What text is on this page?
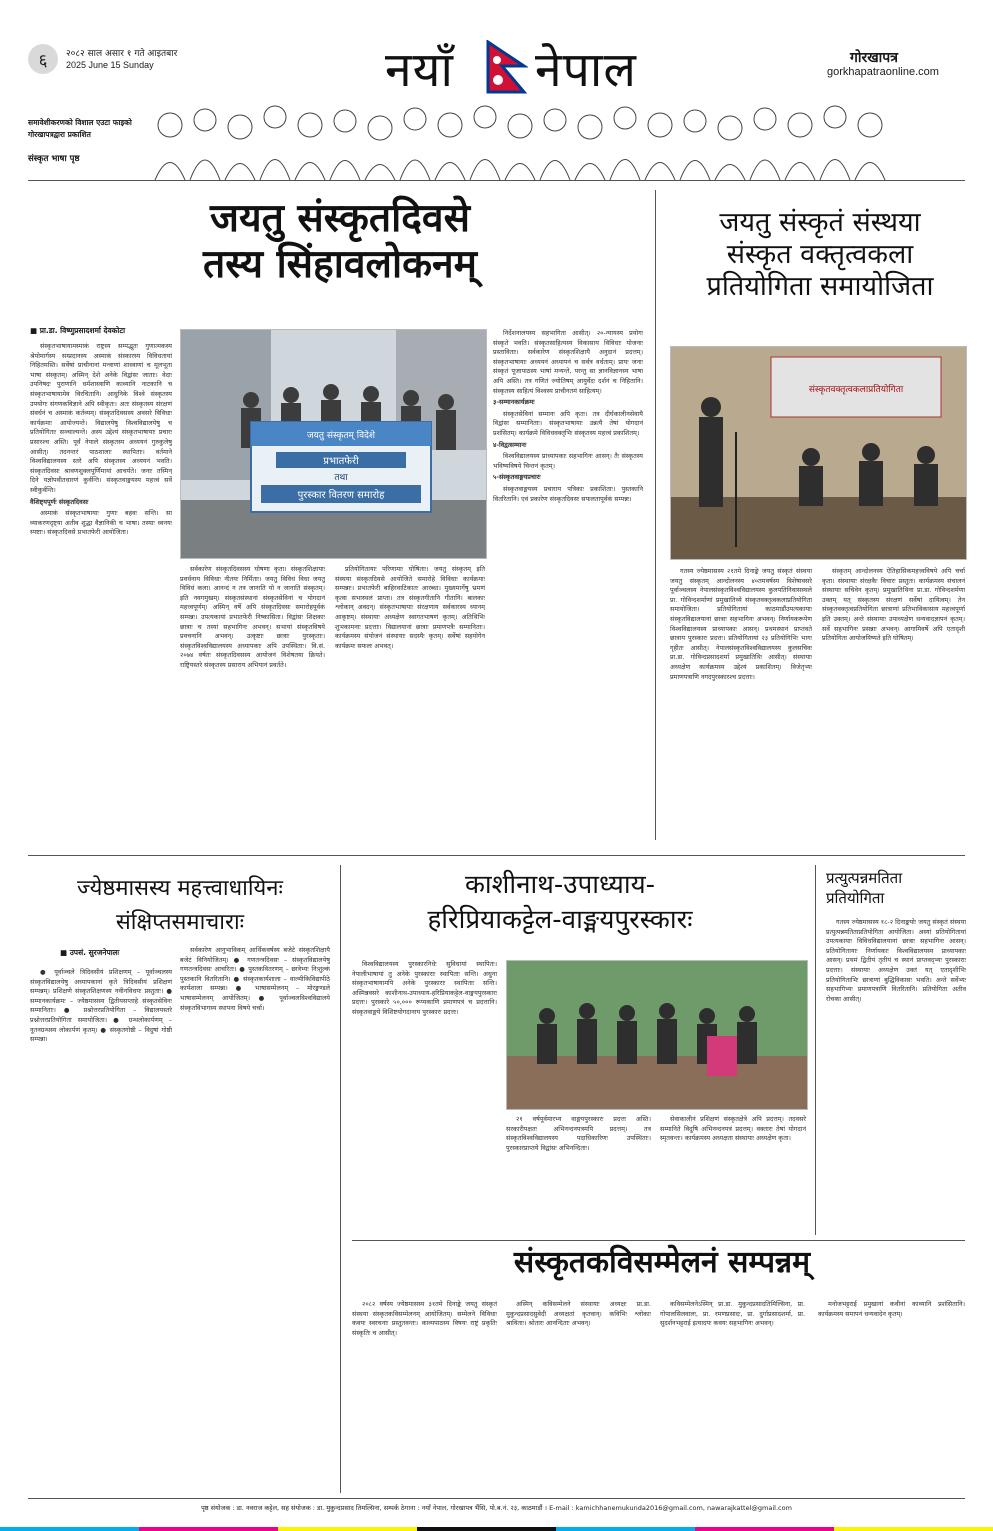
६	२०८२ साल असार १ गते आइतबार
2025 June 15 Sunday	नयाँ नेपाल	गोरखापत्र
gorkhapatraonline.com
समावेशीकरणको विशाल एउटा फाइको
गोरखापत्रद्वारा प्रकाशित
संस्कृत भाषा पृष्ठ
जयतु संस्कृतदिवसे
तस्य सिंहावलोकनम्
जयतु संस्कृतं संस्थया
संस्कृत वक्तृत्वकला
प्रतियोगिता समायोजिता
■ प्रा.डा. विष्णुप्रसादशर्मा देवकोटा

संस्कृतभाषायामस्माकं राष्ट्रस्य सम्पद्भूतः गुणात्मकस्य श्रेयोमार्गस्य सम्प्रदानस्य अस्माकं संस्कारस्य विविधतायां निहितमस्ति। सर्वेषां प्राचीनानां मन्त्राणां शास्त्राणां च मूलभूता भाषा संस्कृतम्। अस्मिन् देशे अनेके विद्वांसः जाताः। वेदाः उपनिषदः पुराणानि धर्मशास्त्राणि काव्यानि नाटकानि च संस्कृतभाषायामेव विरचितानि। आधुनिके विश्वे संस्कृतस्य उपयोगः संगणकविज्ञाने अपि स्वीकृतः। अतः संस्कृतस्य संरक्षणं संवर्धनं च अस्माकं कर्तव्यम्। संस्कृतदिवसस्य अवसरे विविधाः कार्यक्रमाः आयोज्यन्ते। विद्यालयेषु विश्वविद्यालयेषु च प्रतियोगिताः सञ्चाल्यन्ते। अस्य उद्देश्यं संस्कृतभाषायाः प्रचारः प्रसारश्च अस्ति। पूर्वं नेपाले संस्कृतस्य अध्ययनं गुरुकुलेषु आसीत्। तदनन्तरं पाठशालाः स्थापिताः। वर्तमाने विश्वविद्यालयस्य स्तरे अपि संस्कृतस्य अध्ययनं भवति। संस्कृतदिवसः श्रावणशुक्लपूर्णिमायां आचर्यते। जनाः तस्मिन् दिने यज्ञोपवीतधारणं कुर्वन्ति। संस्कृतवाङ्मयस्य महत्त्वं सर्वे स्वीकुर्वन्ति।

वैशिष्ट्यपूर्णः संस्कृतदिवसः

अस्माकं संस्कृतभाषायाः गुणाः बहवः सन्ति। सा व्याकरणदृष्ट्या अतीव शुद्धा वैज्ञानिकी च भाषा। तस्याः ध्वनयः स्पष्टाः। संस्कृतदिवसे प्रभातफेरी आयोजिता।

जयतु संस्कृतम् विदेशे
प्रभातफेरी
तथा
पुरस्कार वितरण समारोह

सर्वकारेण संस्कृतदिवसस्य घोषणा कृता। संस्कृतशिक्षायाः प्रवर्धनाय विविधाः नीतयः निर्मिताः। जयतु विविधं विधा जयतु विविधं कला। आनन्दं न तत्र जानाति यो न जानाति संस्कृतम्। इति नवगमुखम्। संस्कृतसंस्थानां संस्कृतसेविनां च योगदानं महत्त्वपूर्णम्। अस्मिन् वर्षे अपि संस्कृतदिवसः समारोहपूर्वकं सम्पन्नः। उपत्यकायां प्रभातफेरी निष्कासिता। विद्वांसः शिक्षकाः छात्राः च तस्यां सहभागिनः अभवन्। सभायां संस्कृतविषये प्रवचनानि अभवन्। उत्कृष्टाः छात्राः पुरस्कृताः। संस्कृतविश्वविद्यालयस्य अध्यापकाः अपि उपस्थिताः। वि.सं. २०७४ वर्षतः संस्कृतदिवसस्य आयोजनं विशेषतया क्रियते। राष्ट्रियस्तरे संस्कृतस्य प्रसाराय अभियानं प्रवर्तते।

प्रतियोगितायाः परिणामाः घोषिताः। जयतु संस्कृतम् इति संस्थया संस्कृतदिवसे आयोजिते समारोहे विविधाः कार्यक्रमाः सम्पन्नाः। प्रभातफेरी बाहिरवाटिकातः आरब्धा। मुख्यमार्गेषु भ्रमणं कृत्वा सभास्थलं प्राप्ता। तत्र संस्कृतगीतानि गीतानि। बालकाः श्लोकान् अवदन्। संस्कृतभाषायाः संरक्षणाय सर्वकारस्य ध्यानम् आकृष्टम्। संस्थायाः अध्यक्षेण स्वागतभाषणं कृतम्। अतिथिभिः शुभकामनाः प्रदत्ताः। विद्यालयानां छात्राः प्रमाणपत्रैः सम्मानिताः। कार्यक्रमस्य संयोजनं संस्थायाः सदस्यैः कृतम्। सर्वेषां सहयोगेन कार्यक्रमः सफलः अभवत्।

निर्देशनालयस्य सहभागिता आसीत्। २०-न्यायस्य प्रयोगः संस्कृते भवति। संस्कृतसाहित्यस्य विकासाय विविधाः योजनाः प्रस्ताविताः। सर्वकारेण संस्कृतशिक्षायै अनुदानं प्रदत्तम्। संस्कृतभाषायाः अध्ययनं अध्यापनं च सर्वत्र वर्धताम्। प्रायः जनाः संस्कृतं पूजापाठस्य भाषां मन्यन्ते, परन्तु सा ज्ञानविज्ञानस्य भाषा अपि अस्ति। तत्र गणितं ज्योतिषम् आयुर्वेदः दर्शनं च निहितानि। संस्कृतस्य साहित्यं विश्वस्य प्राचीनतमं साहित्यम्।

३-सम्मानकार्यक्रमः

संस्कृतसेविनां सम्मानः अपि कृतः। तत्र दीर्घकालीनसेवायै विद्वांसः सम्मानिताः। संस्कृतभाषायाः उन्नत्यै तेषां योगदानं प्रशंसितम्। कार्यक्रमे विविधवक्तृभिः संस्कृतस्य महत्त्वं प्रकाशितम्।

४-विद्वत्सम्मानः

विश्वविद्यालयस्य प्राध्यापकाः सहभागिनः आसन्। तैः संस्कृतस्य भविष्यविषये चिन्तनं कृतम्।

५-संस्कृतवाङ्मयप्रचारः

संस्कृतवाङ्मयस्य प्रचाराय पत्रिकाः प्रकाशिताः। पुस्तकानि वितरितानि। एवं प्रकारेण संस्कृतदिवसः सफलतापूर्वकं सम्पन्नः।

संस्कृतवक्तृत्वकलाप्रतियोगिता

गतस्य ज्येष्ठमासस्य २१तमे दिनाङ्के जयतु संस्कृतं संस्थया जयतु संस्कृतम् आन्दोलनस्य ४०तमवर्षस्य विशेषावसरे पूर्वाञ्चलस्य नेपालसंस्कृतविश्वविद्यालयस्य कुलपतिनिवासस्थले प्रा. गोविन्दशर्माणां प्रमुखातिथ्ये संस्कृतवक्तृत्वकलाप्रतियोगिता समायोजिता। प्रतियोगितायां काठमाडौंउपत्यकायाः संस्कृतविद्यालयानां छात्राः सहभागिनः अभवन्। निर्णायकरूपेण विश्वविद्यालयस्य प्राध्यापकाः आसन्। प्रथमस्थानं प्राप्तवते छात्राय पुरस्कारः प्रदत्तः। प्रतियोगितायां २३ प्रतियोगिभिः भागः गृहीतः आसीत्। नेपालसंस्कृतविश्वविद्यालयस्य कुलसचिवः प्रा.डा. गोविन्दप्रसादशर्मा प्रमुखातिथिः आसीत्। संस्थायाः अध्यक्षेण कार्यक्रमस्य उद्देश्यं प्रकाशितम्। विजेतृभ्यः प्रमाणपत्राणि नगदपुरस्कारश्च प्रदत्ताः।

संस्कृतम् आन्दोलनस्य ऐतिहासिकमहत्त्वविषये अपि चर्चा कृता। संस्थायाः संरक्षकैः विचारः प्रस्तुतः। कार्यक्रमस्य संचालनं संस्थायाः सचिवेन कृतम्। प्रमुखातिथिना प्रा.डा. गोविन्दशर्मणा उक्तम् यत् संस्कृतस्य संरक्षणं सर्वेषां दायित्वम्। तेन संस्कृतवक्तृत्वप्रतियोगिता छात्राणां प्रतिभाविकासाय महत्त्वपूर्णा इति उक्तम्। अन्ते संस्थायाः उपाध्यक्षेण धन्यवादज्ञापनं कृतम्। सर्वे सहभागिनः प्रसन्नाः अभवन्। आगामिवर्षे अपि एतादृशी प्रतियोगिता आयोजयिष्यते इति घोषितम्।

ज्येष्ठमासस्य महत्त्वाधायिनः
संक्षिप्तसमाचाराः
■ उपसं. सुरजनेपालः

● पूर्वाञ्चले त्रिदिवसीयं प्रशिक्षणम् – पूर्वाञ्चलस्य संस्कृतविद्यालयेषु अध्यापकानां कृते त्रिदिवसीयं प्रशिक्षणं सम्पन्नम्। प्रशिक्षणे संस्कृतशिक्षणस्य नवीनविधयः प्रस्तुताः। ● सम्मानकार्यक्रमः – ज्येष्ठमासस्य द्वितीयसप्ताहे संस्कृतसेविनः सम्मानिताः। ● प्रश्नोत्तरप्रतियोगिता – विद्यालयस्तरे प्रश्नोत्तरप्रतियोगिता समायोजिता। ● ग्रन्थलोकार्पणम् – नूतनग्रन्थस्य लोकार्पणं कृतम्। ● संस्कृतगोष्ठी – विदुषां गोष्ठी सम्पन्ना।

सर्वकारेण आनुभाविकम् आर्थिकवर्षस्य बजेटे संस्कृतशिक्षायै बजेटं विनियोजितम्। ● गणतन्त्रदिवसः – संस्कृतविद्यालयेषु गणतन्त्रदिवसः आचरितः। ● पुस्तकवितरणम् – छात्रेभ्यः निःशुल्कं पुस्तकानि वितरितानि। ● संस्कृतकार्यशाला – वाल्मीकिविद्यापीठे कार्यशाला सम्पन्ना। ● भाषासम्मेलनम् – मोरङ्मण्डले भाषासम्मेलनम् आयोजितम्। ● पूर्वाञ्चलविश्वविद्यालये संस्कृतविभागस्य स्थापना विषये चर्चा।

काशीनाथ-उपाध्याय-
हरिप्रियाकट्टेल-वाङ्मयपुरस्कारः

विश्वविद्यालयस्य पुरस्कारनिधेः सुविधायां स्थापितः। नेपालीभाषायां तु अनेके पुरस्काराः स्थापिताः सन्ति। अधुना संस्कृतभाषायामपि अनेके पुरस्काराः स्थापिताः सन्ति। अस्मिन्नवसरे काशीनाथ-उपाध्याय-हरिप्रियाकट्टेल-वाङ्मयपुरस्कारः प्रदत्तः। पुरस्कारे ५०,००० रूप्यकाणि प्रमाणपत्रं च प्रदत्तानि। संस्कृतवाङ्मये विशिष्टयोगदानाय पुरस्कारः प्रदत्तः।

२१ वर्षपूर्वमारभ्य वाङ्मयपुरस्कारः प्रदत्तः अस्ति। सरकारीपक्षतः अभिनन्दनपत्रमपि प्रदत्तम्। तत्र संस्कृतविश्वविद्यालयस्य पदाधिकारिणः उपस्थिताः। पुरस्कारप्राप्तये विद्वांसः अभिनन्दिताः।

सेवाकालीनं प्रशिक्षणं संस्कृतक्षेत्रे अपि प्रदत्तम्। तदवसरे सम्मानिते विदुषि अभिनन्दनपत्रं प्रदत्तम्। वक्तारः तेषां योगदानं स्मृतवन्तः। कार्यक्रमस्य अध्यक्षता संस्थायाः अध्यक्षेण कृता।

प्रत्युत्पन्नमतिता
प्रतियोगिता

गतस्य ज्येष्ठमासस्य १८-२ दिनाङ्कयोः जयतु संस्कृतं संस्थया प्रत्युत्पन्नमतिताप्रतियोगिता आयोजिता। अस्यां प्रतियोगितायां उपत्यकायाः विविधविद्यालयानां छात्राः सहभागिनः आसन्। प्रतियोगितायाः निर्णायकाः विश्वविद्यालयस्य प्राध्यापकाः आसन्। प्रथमं द्वितीयं तृतीयं च स्थानं प्राप्तवद्भ्यः पुरस्काराः प्रदत्ताः। संस्थायाः अध्यक्षेण उक्तं यत् एतादृशीभिः प्रतियोगिताभिः छात्राणां बुद्धिविकासः भवति। अन्ते सर्वेभ्यः सहभागिभ्यः प्रमाणपत्राणि वितरितानि। प्रतियोगिता अतीव रोचका आसीत्।

संस्कृतकविसम्मेलनं सम्पन्नम्

२०८२ वर्षस्य ज्येष्ठमासस्य ३१तमे दिनाङ्के जयतु संस्कृतं संस्थया संस्कृतकविसम्मेलनम् आयोजितम्। सम्मेलने विविधाः कवयः स्वरचनाः प्रस्तुतवन्तः। काव्यपाठस्य विषयः राष्ट्रं प्रकृतिः संस्कृतिः च आसीत्।

अस्मिन् कविसम्मेलने संस्थायाः अध्यक्षः प्रा.डा. मुकुन्दप्रसादसुवेदी अध्यक्षतां कृतवान्। कविभिः श्लोकाः श्राविताः। श्रोतारः आनन्दिताः अभवन्।

कविसम्मेलनेऽस्मिन् प्रा.डा. मुकुन्दप्रसादतिमिल्सिना, प्रा. गोपालसिलवालः, प्रा. रमणप्रसादः, प्रा. दुर्गाप्रसादशर्मा, प्रा. सुदर्शनभट्टराई इत्यादयः कवयः सहभागिनः अभवन्।

मनोजभट्टराई प्रमुखानां कवीनां काव्यानि प्रशंसितानि। कार्यक्रमस्य समापनं धन्यवादेन कृतम्।

पृष्ठ संयोजक : डा. नवराज कट्टेल, सह संयोजक : डा. मुकुन्दप्रसाद तिमल्सिना, सम्पर्क ठेगाना : नयाँ नेपाल, गोरखापत्र भैंसि, पो.ब.नं. २३, काठमाडौं । E-mail : kamichhanemukunda2016@gmail.com, nawarajkattel@gmail.com
